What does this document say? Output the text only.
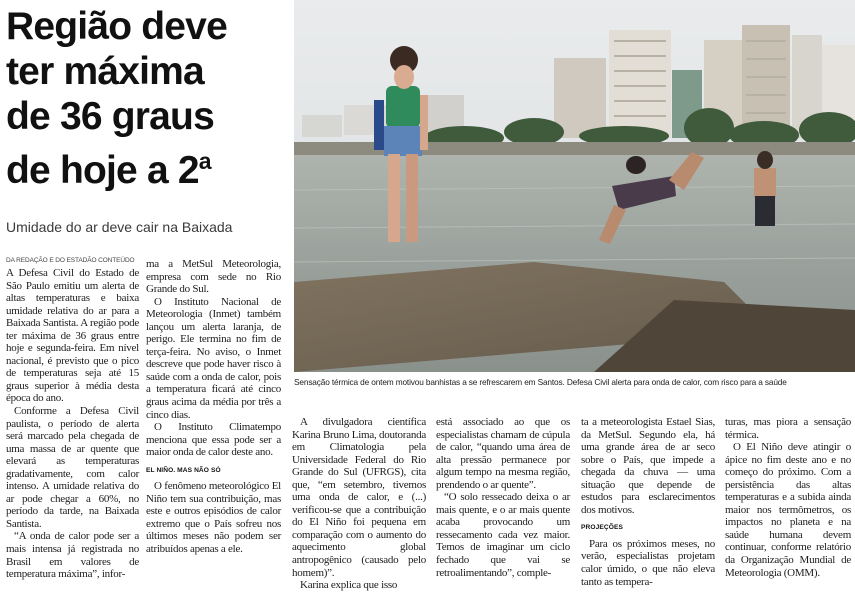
Região deve
ter máxima
de 36 graus
de hoje a 2$^a$
Umidade do ar deve cair na Baixada
DA REDAÇÃO E DO ESTADÃO CONTEÚDO
Sensação térmica de ontem motivou banhistas a se refrescarem em Santos. Defesa Civil alerta para onda de calor, com risco para a saúde

A Defesa Civil do Estado de São Paulo emitiu um alerta de altas temperaturas e baixa umidade relativa do ar para a Baixada Santista. A região pode ter máxima de 36 graus entre hoje e segunda-feira. Em nível nacional, é previsto que o pico de temperaturas seja até 15 graus superior à média desta época do ano.

Conforme a Defesa Civil paulista, o período de alerta será marcado pela chegada de uma massa de ar quente que elevará as temperaturas gradativamente, com calor intenso. A umidade relativa do ar pode chegar a 60%, no período da tarde, na Baixada Santista.

“A onda de calor pode ser a mais intensa já registrada no Brasil em valores de temperatura máxima”, infor-

ma a MetSul Meteorologia, empresa com sede no Rio Grande do Sul.

O Instituto Nacional de Meteorologia (Inmet) também lançou um alerta laranja, de perigo. Ele termina no fim de terça-feira. No aviso, o Inmet descreve que pode haver risco à saúde com a onda de calor, pois a temperatura ficará até cinco graus acima da média por três a cinco dias.

O Instituto Climatempo menciona que essa pode ser a maior onda de calor deste ano.

EL NIÑO. MAS NÃO SÓ

O fenômeno meteorológico El Niño tem sua contribuição, mas este e outros episódios de calor extremo que o País sofreu nos últimos meses não podem ser atribuídos apenas a ele.

A divulgadora científica Karina Bruno Lima, doutoranda em Climatologia pela Universidade Federal do Rio Grande do Sul (UFRGS), cita que, “em setembro, tivemos uma onda de calor, e (...) verificou-se que a contribuição do El Niño foi pequena em comparação com o aumento do aquecimento global antropogênico (causado pelo homem)”.

Karina explica que isso

está associado ao que os especialistas chamam de cúpula de calor, “quando uma área de alta pressão permanece por algum tempo na mesma região, prendendo o ar quente”.

“O solo ressecado deixa o ar mais quente, e o ar mais quente acaba provocando um ressecamento cada vez maior. Temos de imaginar um ciclo fechado que vai se retroalimentando”, comple-

ta a meteorologista Estael Sias, da MetSul. Segundo ela, há uma grande área de ar seco sobre o País, que impede a chegada da chuva — uma situação que depende de estudos para esclarecimentos dos motivos.

PROJEÇÕES

Para os próximos meses, no verão, especialistas projetam calor úmido, o que não eleva tanto as tempera-

turas, mas piora a sensação térmica.

O El Niño deve atingir o ápice no fim deste ano e no começo do próximo. Com a persistência das altas temperaturas e a subida ainda maior nos termômetros, os impactos no planeta e na saúde humana devem continuar, conforme relatório da Organização Mundial de Meteorologia (OMM).
